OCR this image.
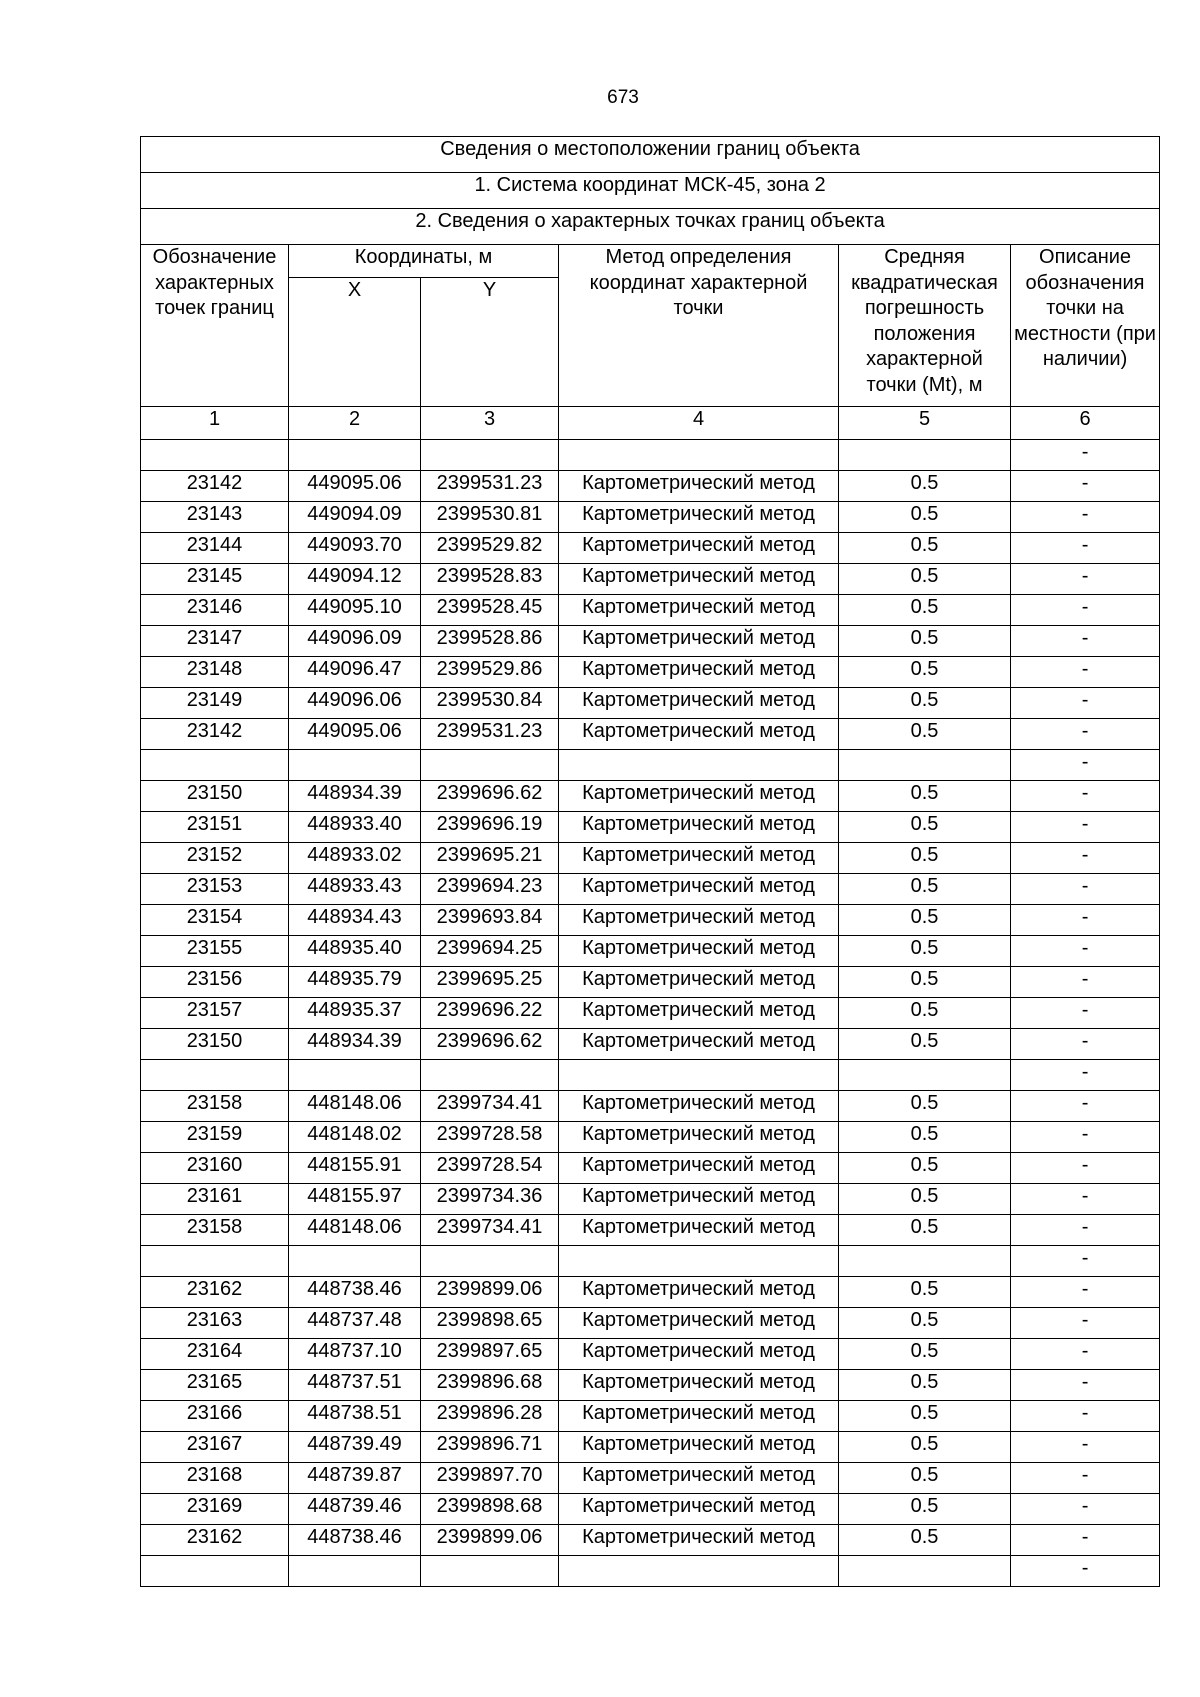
673
Сведения о местоположении границ объекта					
1. Система координат МСК-45, зона 2					
2. Сведения о характерных точках границ объекта					
Обозначение характерных точек границ	Координаты, м		Метод определения координат характерной точки	Средняя квадратическая погрешность положения характерной точки (Mt), м	Описание обозначения точки на местности (при наличии)
	X	Y			
1	2	3	4	5	6
					-
23142	449095.06	2399531.23	Картометрический метод	0.5	-
23143	449094.09	2399530.81	Картометрический метод	0.5	-
23144	449093.70	2399529.82	Картометрический метод	0.5	-
23145	449094.12	2399528.83	Картометрический метод	0.5	-
23146	449095.10	2399528.45	Картометрический метод	0.5	-
23147	449096.09	2399528.86	Картометрический метод	0.5	-
23148	449096.47	2399529.86	Картометрический метод	0.5	-
23149	449096.06	2399530.84	Картометрический метод	0.5	-
23142	449095.06	2399531.23	Картометрический метод	0.5	-
					-
23150	448934.39	2399696.62	Картометрический метод	0.5	-
23151	448933.40	2399696.19	Картометрический метод	0.5	-
23152	448933.02	2399695.21	Картометрический метод	0.5	-
23153	448933.43	2399694.23	Картометрический метод	0.5	-
23154	448934.43	2399693.84	Картометрический метод	0.5	-
23155	448935.40	2399694.25	Картометрический метод	0.5	-
23156	448935.79	2399695.25	Картометрический метод	0.5	-
23157	448935.37	2399696.22	Картометрический метод	0.5	-
23150	448934.39	2399696.62	Картометрический метод	0.5	-
					-
23158	448148.06	2399734.41	Картометрический метод	0.5	-
23159	448148.02	2399728.58	Картометрический метод	0.5	-
23160	448155.91	2399728.54	Картометрический метод	0.5	-
23161	448155.97	2399734.36	Картометрический метод	0.5	-
23158	448148.06	2399734.41	Картометрический метод	0.5	-
					-
23162	448738.46	2399899.06	Картометрический метод	0.5	-
23163	448737.48	2399898.65	Картометрический метод	0.5	-
23164	448737.10	2399897.65	Картометрический метод	0.5	-
23165	448737.51	2399896.68	Картометрический метод	0.5	-
23166	448738.51	2399896.28	Картометрический метод	0.5	-
23167	448739.49	2399896.71	Картометрический метод	0.5	-
23168	448739.87	2399897.70	Картометрический метод	0.5	-
23169	448739.46	2399898.68	Картометрический метод	0.5	-
23162	448738.46	2399899.06	Картометрический метод	0.5	-
					-
